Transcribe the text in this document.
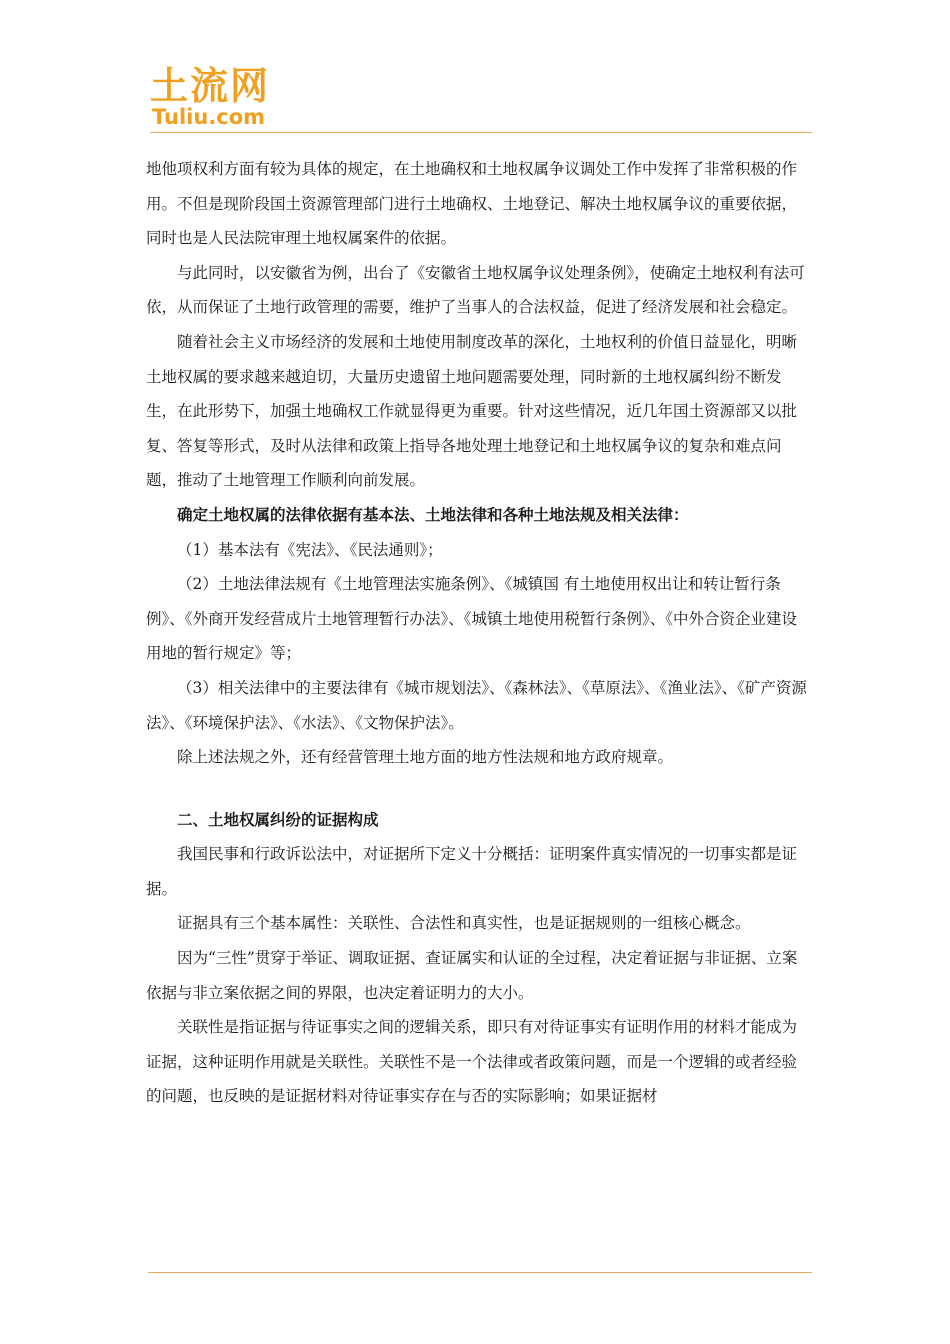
土流网
Tuliu.com

地他项权利方面有较为具体的规定，在土地确权和土地权属争议调处工作中发挥了非常积极的作用。不但是现阶段国土资源管理部门进行土地确权、土地登记、解决土地权属争议的重要依据，同时也是人民法院审理土地权属案件的依据。

与此同时，以安徽省为例，出台了《安徽省土地权属争议处理条例》，使确定土地权利有法可依，从而保证了土地行政管理的需要，维护了当事人的合法权益，促进了经济发展和社会稳定。

随着社会主义市场经济的发展和土地使用制度改革的深化，土地权利的价值日益显化，明晰土地权属的要求越来越迫切，大量历史遗留土地问题需要处理，同时新的土地权属纠纷不断发生，在此形势下，加强土地确权工作就显得更为重要。针对这些情况，近几年国土资源部又以批复、答复等形式，及时从法律和政策上指导各地处理土地登记和土地权属争议的复杂和难点问题，推动了土地管理工作顺利向前发展。

确定土地权属的法律依据有基本法、土地法律和各种土地法规及相关法律：

（1）基本法有《宪法》、《民法通则》；

（2）土地法律法规有《土地管理法实施条例》、《城镇国 有土地使用权出让和转让暂行条例》、《外商开发经营成片土地管理暂行办法》、《城镇土地使用税暂行条例》、《中外合资企业建设用地的暂行规定》等；

（3）相关法律中的主要法律有《城市规划法》、《森林法》、《草原法》、《渔业法》、《矿产资源法》、《环境保护法》、《水法》、《文物保护法》。

除上述法规之外，还有经营管理土地方面的地方性法规和地方政府规章。

二、土地权属纠纷的证据构成

我国民事和行政诉讼法中，对证据所下定义十分概括：证明案件真实情况的一切事实都是证据。

证据具有三个基本属性：关联性、合法性和真实性，也是证据规则的一组核心概念。

因为“三性”贯穿于举证、调取证据、查证属实和认证的全过程，决定着证据与非证据、立案依据与非立案依据之间的界限，也决定着证明力的大小。

关联性是指证据与待证事实之间的逻辑关系，即只有对待证事实有证明作用的材料才能成为证据，这种证明作用就是关联性。关联性不是一个法律或者政策问题，而是一个逻辑的或者经验的问题，也反映的是证据材料对待证事实存在与否的实际影响；如果证据材
